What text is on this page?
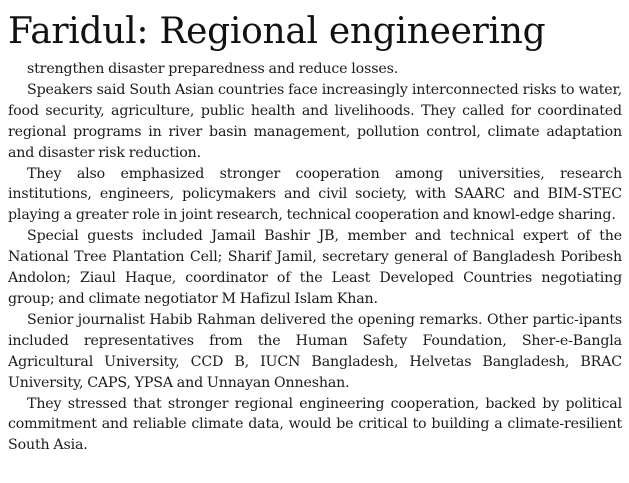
Faridul: Regional engineering

strengthen disaster preparedness and reduce losses.

Speakers said South Asian countries face increasingly interconnected risks to water, food security, agriculture, public health and livelihoods. They called for coordinated regional programs in river basin management, pollution control, climate adaptation and disaster risk reduction.

They also emphasized stronger cooperation among universities, research institutions, engineers, policymakers and civil society, with SAARC and BIM-STEC playing a greater role in joint research, technical cooperation and knowl-edge sharing.

Special guests included Jamail Bashir JB, member and technical expert of the National Tree Plantation Cell; Sharif Jamil, secretary general of Bangladesh Poribesh Andolon; Ziaul Haque, coordinator of the Least Developed Countries negotiating group; and climate negotiator M Hafizul Islam Khan.

Senior journalist Habib Rahman delivered the opening remarks. Other partic-ipants included representatives from the Human Safety Foundation, Sher-e-Bangla Agricultural University, CCD B, IUCN Bangladesh, Helvetas Bangladesh, BRAC University, CAPS, YPSA and Unnayan Onneshan.

They stressed that stronger regional engineering cooperation, backed by political commitment and reliable climate data, would be critical to building a climate-resilient South Asia.
